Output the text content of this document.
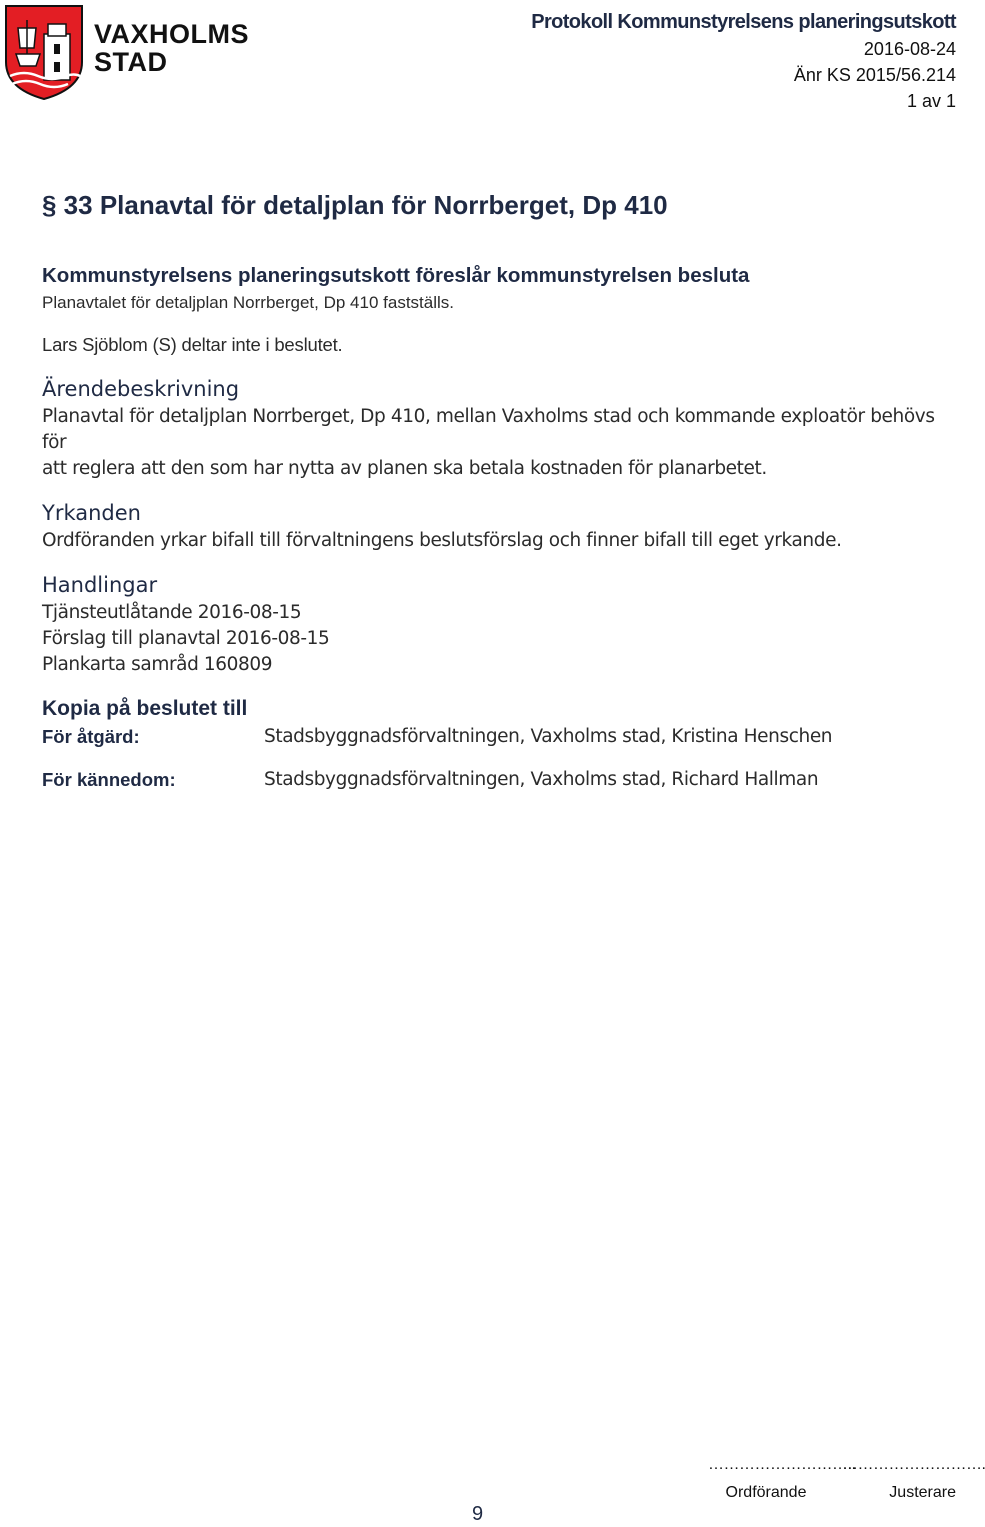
VAXHOLMS
STAD
Protokoll Kommunstyrelsens planeringsutskott
2016-08-24
Änr KS 2015/56.214
1 av 1
§ 33 Planavtal för detaljplan för Norrberget, Dp 410
Kommunstyrelsens planeringsutskott föreslår kommunstyrelsen besluta
Planavtalet för detaljplan Norrberget, Dp 410 fastställs.
Lars Sjöblom (S) deltar inte i beslutet.
Ärendebeskrivning
Planavtal för detaljplan Norrberget, Dp 410, mellan Vaxholms stad och kommande exploatör behövs för
att reglera att den som har nytta av planen ska betala kostnaden för planarbetet.
Yrkanden
Ordföranden yrkar bifall till förvaltningens beslutsförslag och finner bifall till eget yrkande.
Handlingar
Tjänsteutlåtande 2016-08-15
Förslag till planavtal 2016-08-15
Plankarta samråd 160809
Kopia på beslutet till
För åtgärd:	Stadsbyggnadsförvaltningen, Vaxholms stad, Kristina Henschen
För kännedom:	Stadsbyggnadsförvaltningen, Vaxholms stad, Richard Hallman
………………………..
Ordförande
……………………….
Justerare
9
